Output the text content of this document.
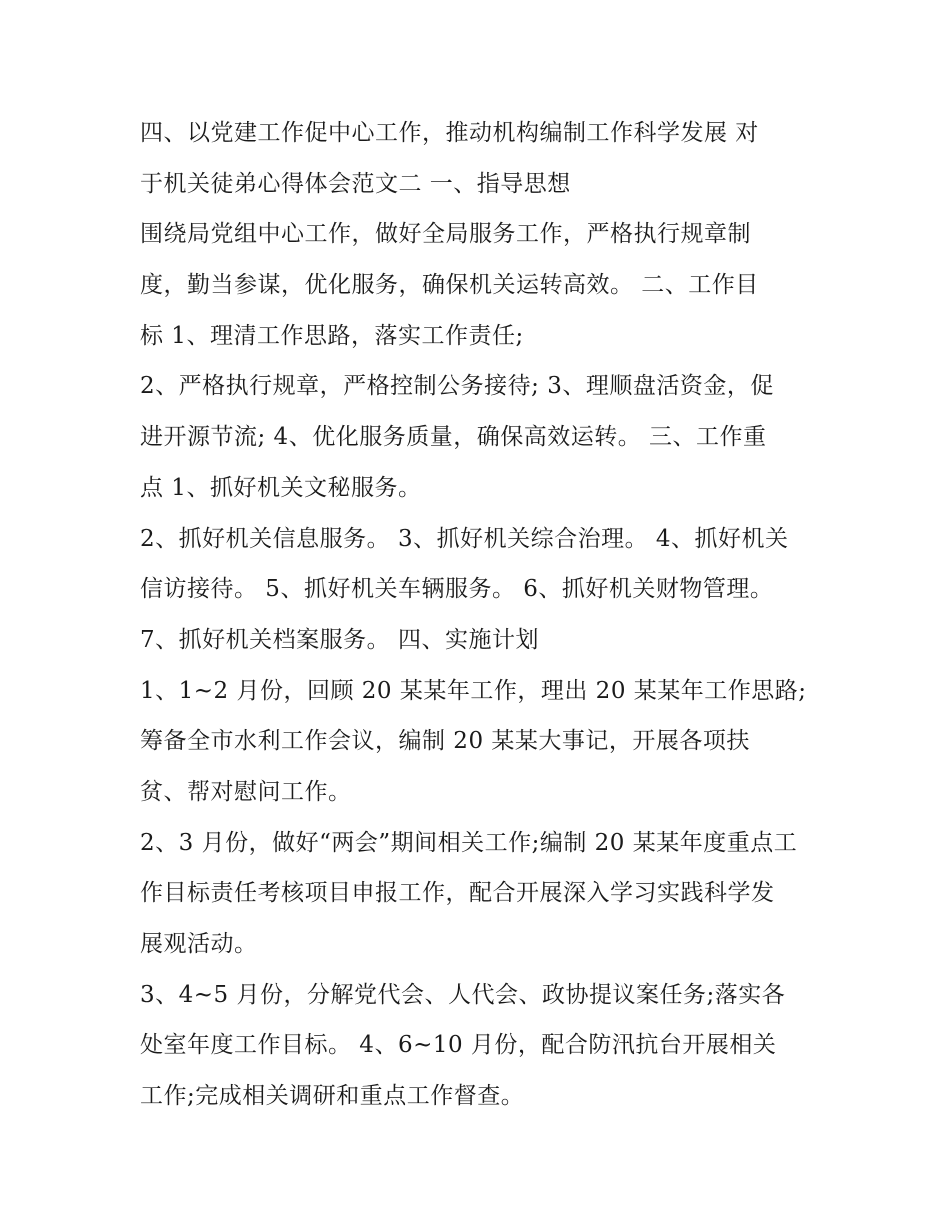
四、以党建工作促中心工作，推动机构编制工作科学发展 对
于机关徒弟心得体会范文二 一、指导思想
围绕局党组中心工作，做好全局服务工作，严格执行规章制
度，勤当参谋，优化服务，确保机关运转高效。 二、工作目
标 1、理清工作思路，落实工作责任;
2、严格执行规章，严格控制公务接待; 3、理顺盘活资金，促
进开源节流; 4、优化服务质量，确保高效运转。 三、工作重
点 1、抓好机关文秘服务。
2、抓好机关信息服务。 3、抓好机关综合治理。 4、抓好机关
信访接待。 5、抓好机关车辆服务。 6、抓好机关财物管理。
7、抓好机关档案服务。 四、实施计划
1、1~2 月份，回顾 20 某某年工作，理出 20 某某年工作思路;
筹备全市水利工作会议，编制 20 某某大事记，开展各项扶
贫、帮对慰问工作。
2、3 月份，做好“两会”期间相关工作;编制 20 某某年度重点工
作目标责任考核项目申报工作，配合开展深入学习实践科学发
展观活动。
3、4~5 月份，分解党代会、人代会、政协提议案任务;落实各
处室年度工作目标。 4、6~10 月份，配合防汛抗台开展相关
工作;完成相关调研和重点工作督查。
